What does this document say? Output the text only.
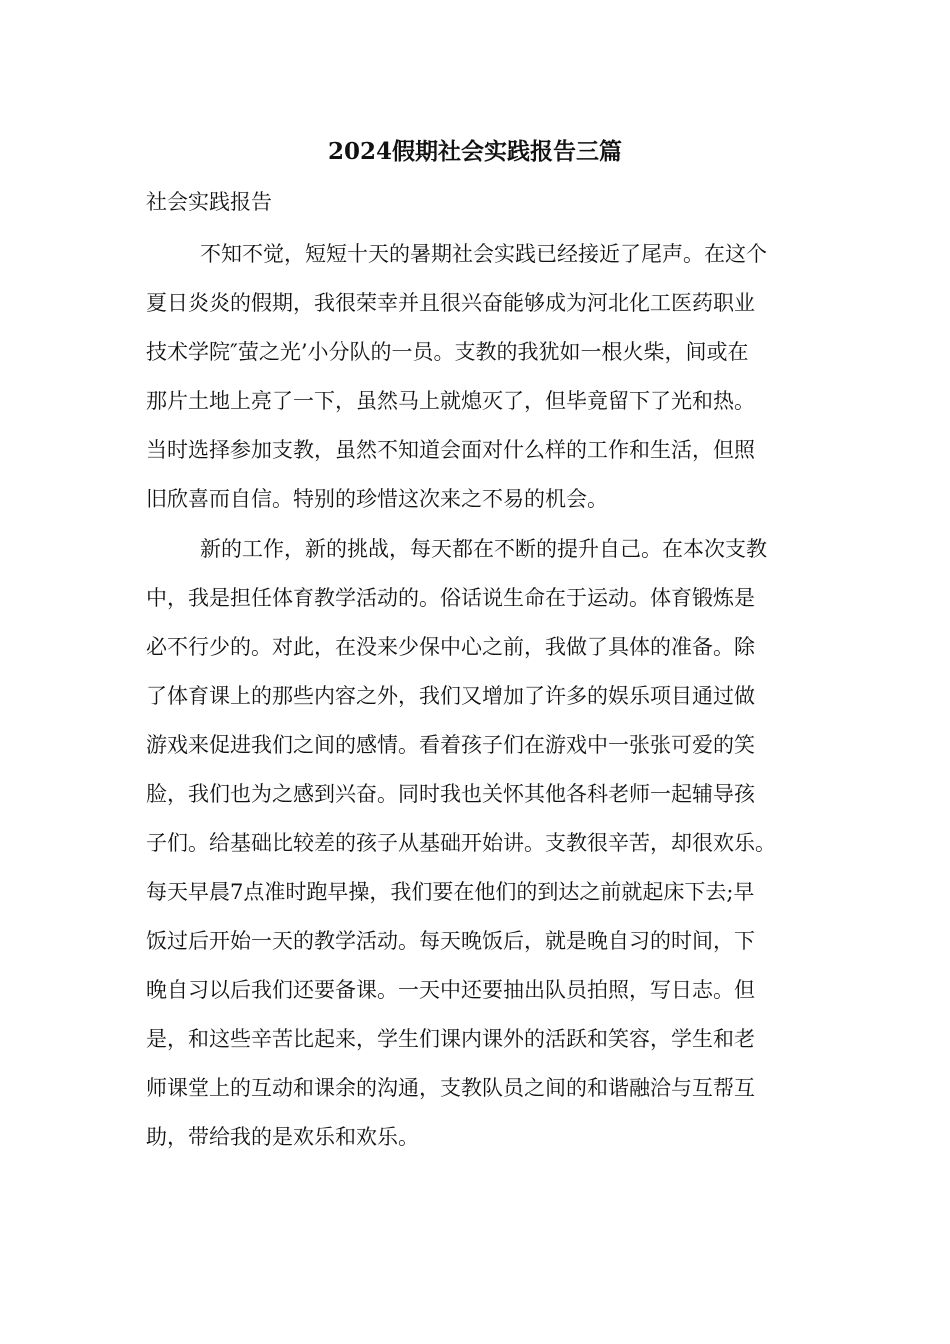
2024假期社会实践报告三篇
社会实践报告
不知不觉，短短十天的暑期社会实践已经接近了尾声。在这个
夏日炎炎的假期，我很荣幸并且很兴奋能够成为河北化工医药职业
技术学院″萤之光’小分队的一员。支教的我犹如一根火柴，间或在
那片土地上亮了一下，虽然马上就熄灭了，但毕竟留下了光和热。
当时选择参加支教，虽然不知道会面对什么样的工作和生活，但照
旧欣喜而自信。特别的珍惜这次来之不易的机会。
新的工作，新的挑战，每天都在不断的提升自己。在本次支教
中，我是担任体育教学活动的。俗话说生命在于运动。体育锻炼是
必不行少的。对此，在没来少保中心之前，我做了具体的准备。除
了体育课上的那些内容之外，我们又增加了许多的娱乐项目通过做
游戏来促进我们之间的感情。看着孩子们在游戏中一张张可爱的笑
脸，我们也为之感到兴奋。同时我也关怀其他各科老师一起辅导孩
子们。给基础比较差的孩子从基础开始讲。支教很辛苦，却很欢乐。
每天早晨7点准时跑早操，我们要在他们的到达之前就起床下去;早
饭过后开始一天的教学活动。每天晚饭后，就是晚自习的时间，下
晚自习以后我们还要备课。一天中还要抽出队员拍照，写日志。但
是，和这些辛苦比起来，学生们课内课外的活跃和笑容，学生和老
师课堂上的互动和课余的沟通，支教队员之间的和谐融洽与互帮互
助，带给我的是欢乐和欢乐。
